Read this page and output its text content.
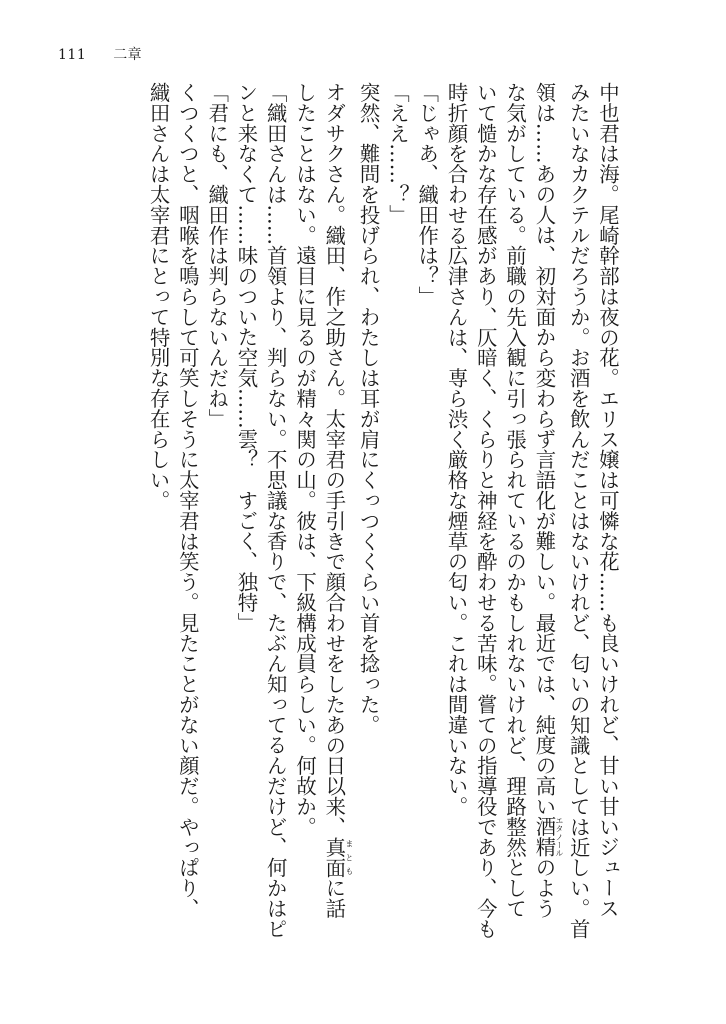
111 二章
中也君は海。尾崎幹部は夜の花。エリス嬢は可憐な花……も良いけれど、甘い甘いジュース
みたいなカクテルだろうか。お酒を飲んだことはないけれど、匂いの知識としては近しい。首
領は……あの人は、初対面から変わらず言語化が難しい。最近では、純度の高い酒精エタノールのよう
な気がしている。前職の先入観に引っ張られているのかもしれないけれど、理路整然として
いて慥かな存在感があり、仄暗く、くらりと神経を酔わせる苦味。嘗ての指導役であり、今も
時折顔を合わせる広津さんは、専ら渋く厳格な煙草の匂い。これは間違いない。
「じゃあ、織田作は？」
「ええ……？」
突然、難問を投げられ、わたしは耳が肩にくっつくくらい首を捻った。
オダサクさん。織田、作之助さん。太宰君の手引きで顔合わせをしたあの日以来、真面まともに話
したことはない。遠目に見るのが精々関の山。彼は、下級構成員らしい。何故か。
「織田さんは……首領より、判らない。不思議な香りで、たぶん知ってるんだけど、何かはピ
ンと来なくて……味のついた空気……雲？　すごく、独特」
「君にも、織田作は判らないんだね」
くつくつと、咽喉を鳴らして可笑しそうに太宰君は笑う。見たことがない顔だ。やっぱり、
織田さんは太宰君にとって特別な存在らしい。
